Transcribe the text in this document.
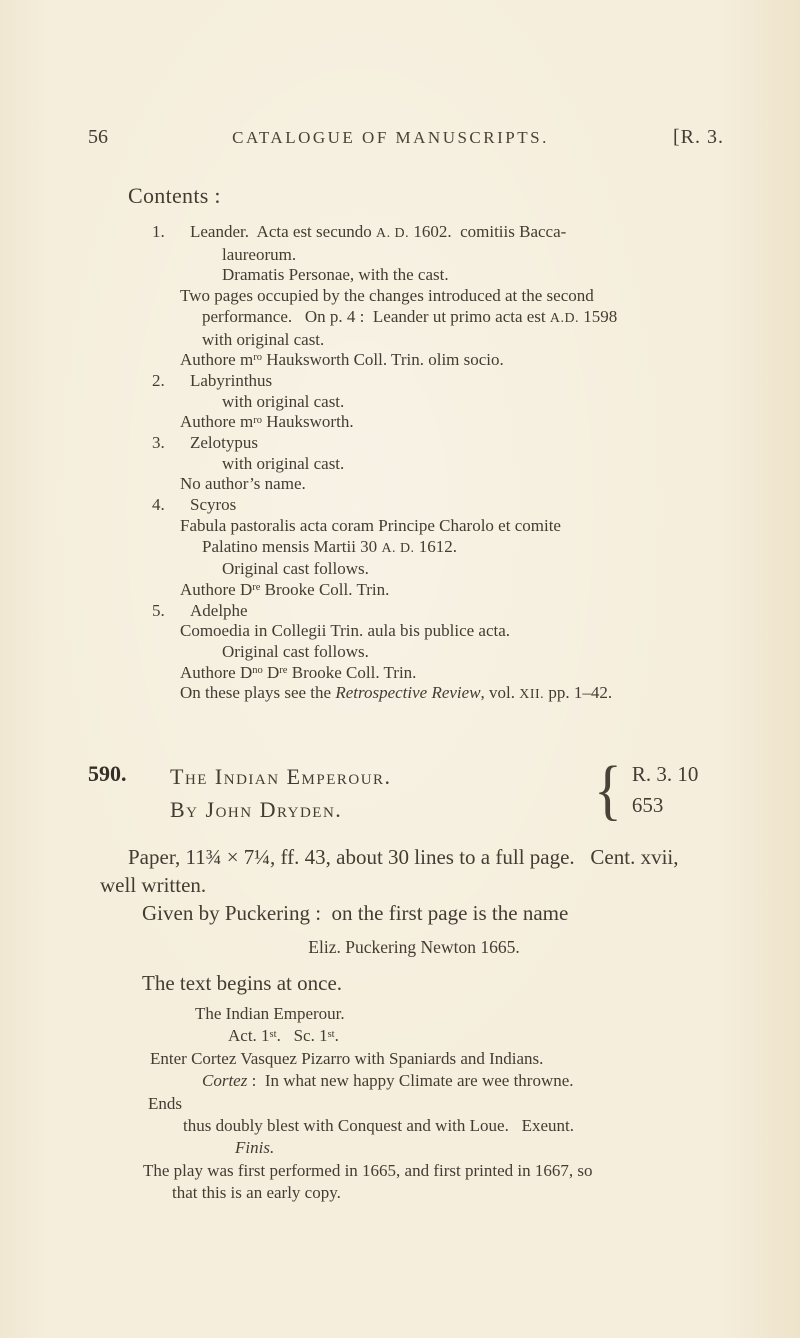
56	CATALOGUE OF MANUSCRIPTS.	[R. 3.
Contents :
1. Leander.  Acta est secundo A. D. 1602.  comitiis Bacca-
laureorum.
Dramatis Personae, with the cast.
Two pages occupied by the changes introduced at the second
performance.   On p. 4 :  Leander ut primo acta est A.D. 1598
with original cast.
Authore $m^{ro}$ Hauksworth Coll. Trin. olim socio.
2. Labyrinthus
with original cast.
Authore $m^{ro}$ Hauksworth.
3. Zelotypus
with original cast.
No author’s name.
4. Scyros
Fabula pastoralis acta coram Principe Charolo et comite
Palatino mensis Martii 30 A. D. 1612.
Original cast follows.
Authore Dre Brooke Coll. Trin.
5. Adelphe
Comoedia in Collegii Trin. aula bis publice acta.
Original cast follows.
Authore $D^{no}$ Dre Brooke Coll. Trin.
On these plays see the Retrospective Review, vol. XII. pp. 1–42.
590. The Indian Emperour.
By John Dryden.	{ R. 3. 10
653
Paper, 11¾ × 7¼, ff. 43, about 30 lines to a full page.   Cent. xvii,
well written.
Given by Puckering :  on the first page is the name
Eliz. Puckering Newton 1665.
The text begins at once.
The Indian Emperour.
Act. 1st.   Sc. 1st.
Enter Cortez Vasquez Pizarro with Spaniards and Indians.
Cortez :  In what new happy Climate are wee throwne.
Ends
thus doubly blest with Conquest and with Loue.   Exeunt.
Finis.
The play was first performed in 1665, and first printed in 1667, so
that this is an early copy.
